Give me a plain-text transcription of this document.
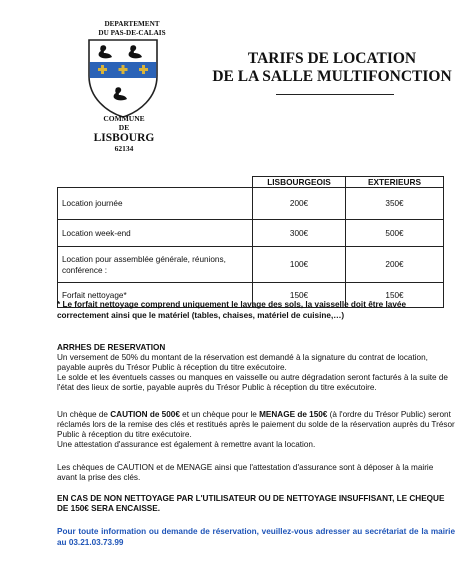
DEPARTEMENT
DU PAS-DE-CALAIS
COMMUNE
DE
LISBOURG
62134
TARIFS DE LOCATION
DE LA SALLE MULTIFONCTION
	LISBOURGEOIS	EXTERIEURS
Location journée	200€	350€
Location week-end	300€	500€
Location pour assemblée générale, réunions, conférence :	100€	200€
Forfait nettoyage*	150€	150€
* Le forfait nettoyage comprend uniquement le lavage des sols, la vaisselle doit être lavée correctement ainsi que le matériel (tables, chaises, matériel de cuisine,…)
ARRHES DE RESERVATION
Un versement de 50% du montant de la réservation est demandé à la signature du contrat de location, payable auprès du Trésor Public à réception du titre exécutoire.
Le solde et les éventuels casses ou manques en vaisselle ou autre dégradation seront facturés à la suite de l'état des lieux de sortie, payable auprès du Trésor Public à réception du titre exécutoire.
Un chèque de CAUTION de 500€ et un chèque pour le MENAGE de 150€ (à l'ordre du Trésor Public) seront réclamés lors de la remise des clés et restitués après le paiement du solde de la réservation auprès du Trésor Public à réception du titre exécutoire.
Une attestation d'assurance est également à remettre avant la location.
Les chèques de CAUTION et de MENAGE ainsi que l'attestation d'assurance sont à déposer à la mairie avant la prise des clés.
EN CAS DE NON NETTOYAGE PAR L'UTILISATEUR OU DE NETTOYAGE INSUFFISANT, LE CHEQUE DE 150€ SERA ENCAISSE.
Pour toute information ou demande de réservation, veuillez-vous adresser au secrétariat de la mairie au 03.21.03.73.99
